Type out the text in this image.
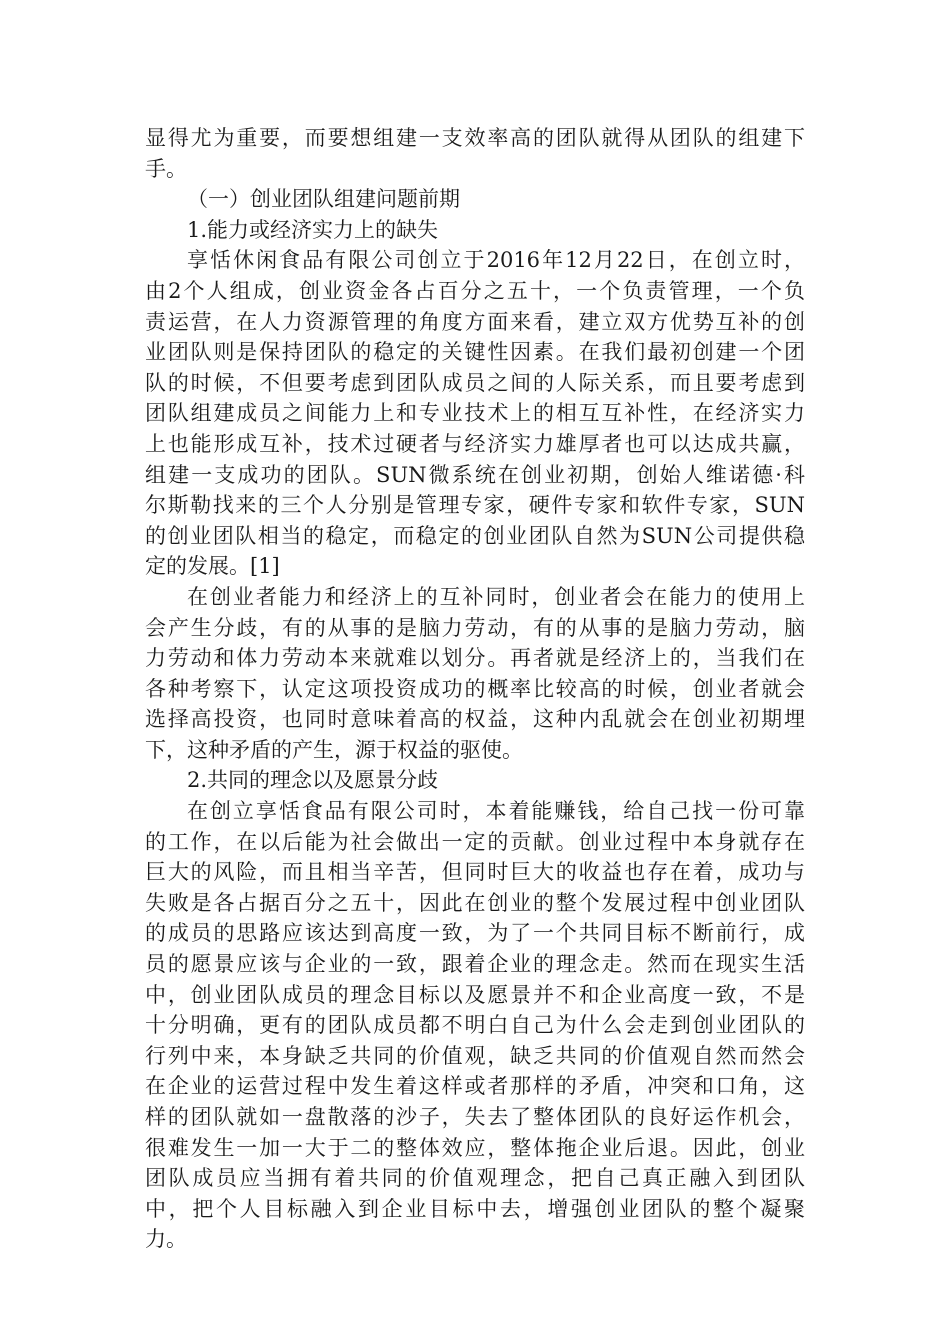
显得尤为重要，而要想组建一支效率高的团队就得从团队的组建下
手。
（一）创业团队组建问题前期
1.能力或经济实力上的缺失
享恬休闲食品有限公司创立于2016年12月22日，在创立时，
由2个人组成，创业资金各占百分之五十，一个负责管理，一个负
责运营，在人力资源管理的角度方面来看，建立双方优势互补的创
业团队则是保持团队的稳定的关键性因素。在我们最初创建一个团
队的时候，不但要考虑到团队成员之间的人际关系，而且要考虑到
团队组建成员之间能力上和专业技术上的相互互补性，在经济实力
上也能形成互补，技术过硬者与经济实力雄厚者也可以达成共赢，
组建一支成功的团队。SUN微系统在创业初期，创始人维诺德·科
尔斯勒找来的三个人分别是管理专家，硬件专家和软件专家，SUN
的创业团队相当的稳定，而稳定的创业团队自然为SUN公司提供稳
定的发展。[1]
在创业者能力和经济上的互补同时，创业者会在能力的使用上
会产生分歧，有的从事的是脑力劳动，有的从事的是脑力劳动，脑
力劳动和体力劳动本来就难以划分。再者就是经济上的，当我们在
各种考察下，认定这项投资成功的概率比较高的时候，创业者就会
选择高投资，也同时意味着高的权益，这种内乱就会在创业初期埋
下，这种矛盾的产生，源于权益的驱使。
2.共同的理念以及愿景分歧
在创立享恬食品有限公司时，本着能赚钱，给自己找一份可靠
的工作，在以后能为社会做出一定的贡献。创业过程中本身就存在
巨大的风险，而且相当辛苦，但同时巨大的收益也存在着，成功与
失败是各占据百分之五十，因此在创业的整个发展过程中创业团队
的成员的思路应该达到高度一致，为了一个共同目标不断前行，成
员的愿景应该与企业的一致，跟着企业的理念走。然而在现实生活
中，创业团队成员的理念目标以及愿景并不和企业高度一致，不是
十分明确，更有的团队成员都不明白自己为什么会走到创业团队的
行列中来，本身缺乏共同的价值观，缺乏共同的价值观自然而然会
在企业的运营过程中发生着这样或者那样的矛盾，冲突和口角，这
样的团队就如一盘散落的沙子，失去了整体团队的良好运作机会，
很难发生一加一大于二的整体效应，整体拖企业后退。因此，创业
团队成员应当拥有着共同的价值观理念，把自己真正融入到团队
中，把个人目标融入到企业目标中去，增强创业团队的整个凝聚
力。
